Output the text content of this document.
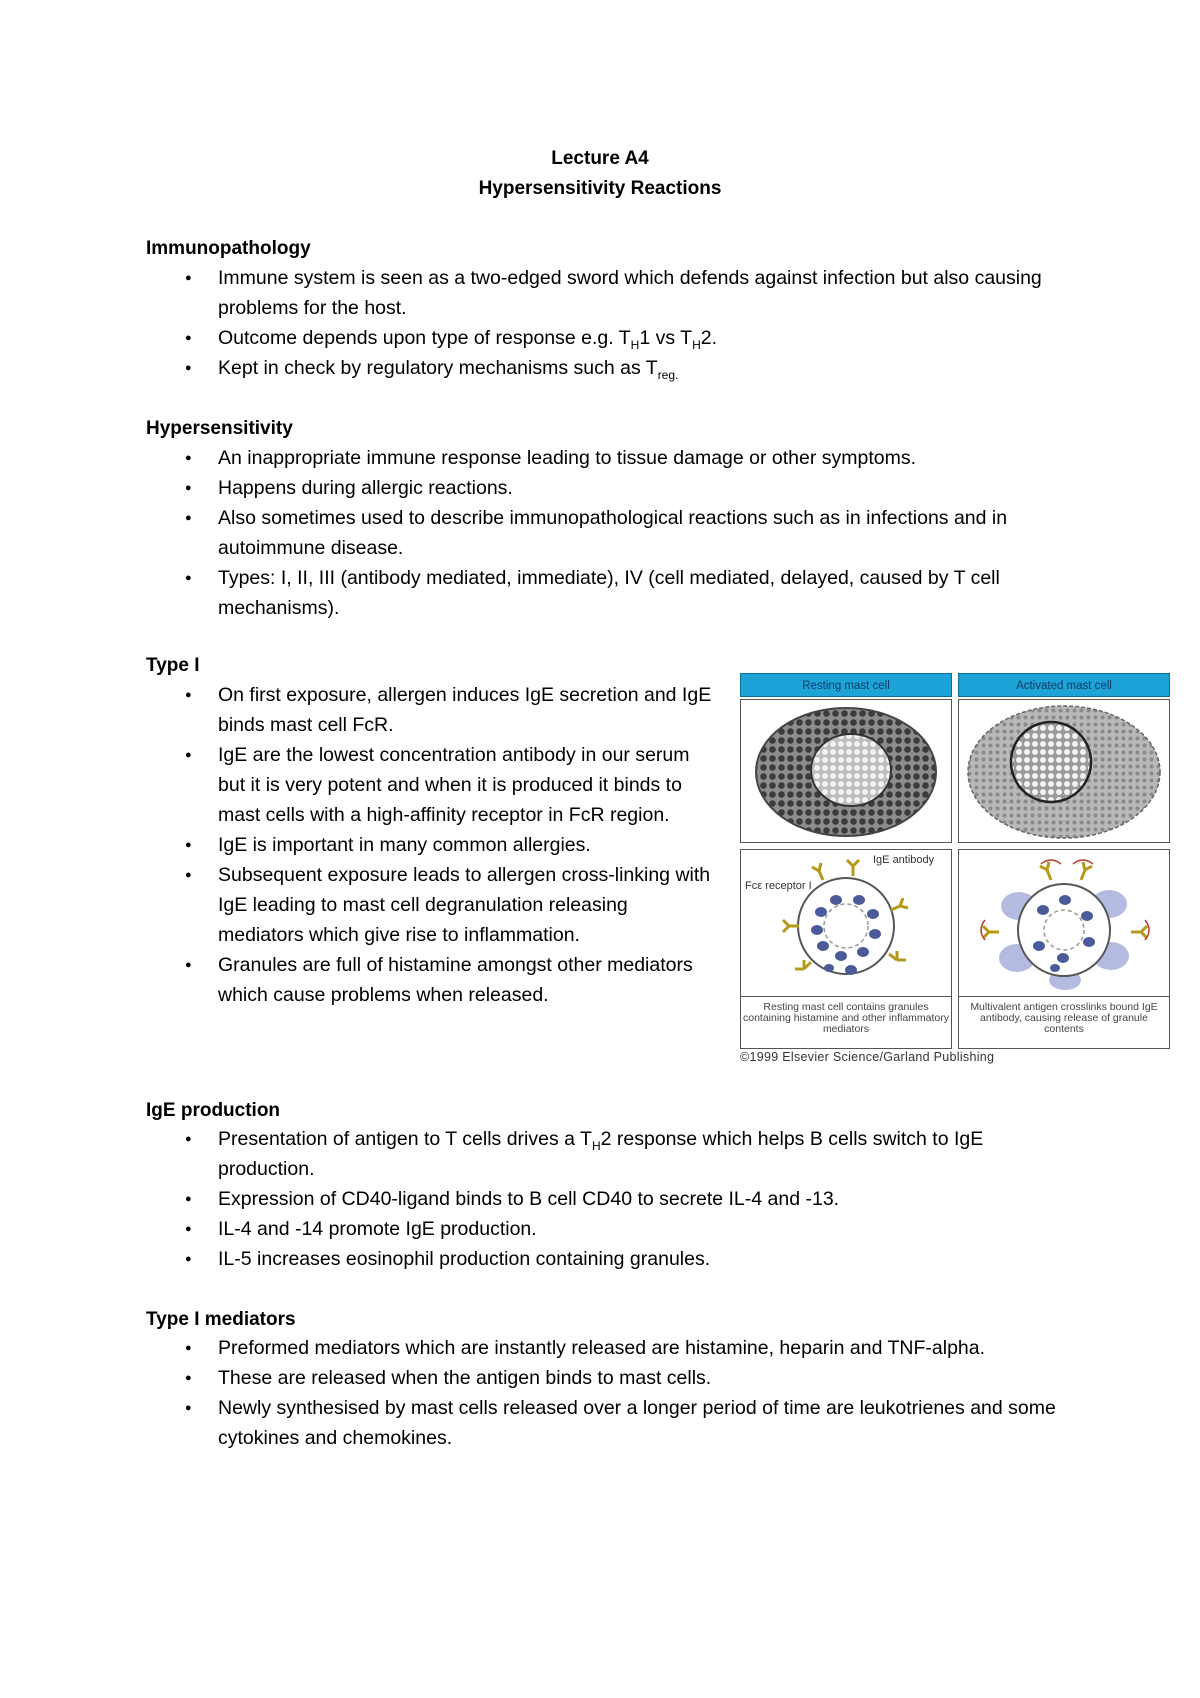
Lecture A4
Hypersensitivity Reactions
Immunopathology
● Immune system is seen as a two-edged sword which defends against infection but also causing problems for the host.
● Outcome depends upon type of response e.g. $T_H1$ vs $T_H2$.
● Kept in check by regulatory mechanisms such as $T_{reg.}$
Hypersensitivity
● An inappropriate immune response leading to tissue damage or other symptoms.
● Happens during allergic reactions.
● Also sometimes used to describe immunopathological reactions such as in infections and in autoimmune disease.
● Types: I, II, III (antibody mediated, immediate), IV (cell mediated, delayed, caused by T cell mechanisms).
Type I
● On first exposure, allergen induces IgE secretion and IgE binds mast cell FcR.
● IgE are the lowest concentration antibody in our serum but it is very potent and when it is produced it binds to mast cells with a high-affinity receptor in FcR region.
● IgE is important in many common allergies.
● Subsequent exposure leads to allergen cross-linking with IgE leading to mast cell degranulation releasing mediators which give rise to inflammation.
● Granules are full of histamine amongst other mediators which cause problems when released.
Resting mast cell	Activated mast cell
IgE antibody
Fcε receptor I
Resting mast cell contains granules containing histamine and other inflammatory mediators
Multivalent antigen crosslinks bound IgE antibody, causing release of granule contents
©1999 Elsevier Science/Garland Publishing
IgE production
● Presentation of antigen to T cells drives a $T_H2$ response which helps B cells switch to IgE production.
● Expression of CD40-ligand binds to B cell CD40 to secrete IL-4 and -13.
● IL-4 and -14 promote IgE production.
● IL-5 increases eosinophil production containing granules.
Type I mediators
● Preformed mediators which are instantly released are histamine, heparin and TNF-alpha.
● These are released when the antigen binds to mast cells.
● Newly synthesised by mast cells released over a longer period of time are leukotrienes and some cytokines and chemokines.
